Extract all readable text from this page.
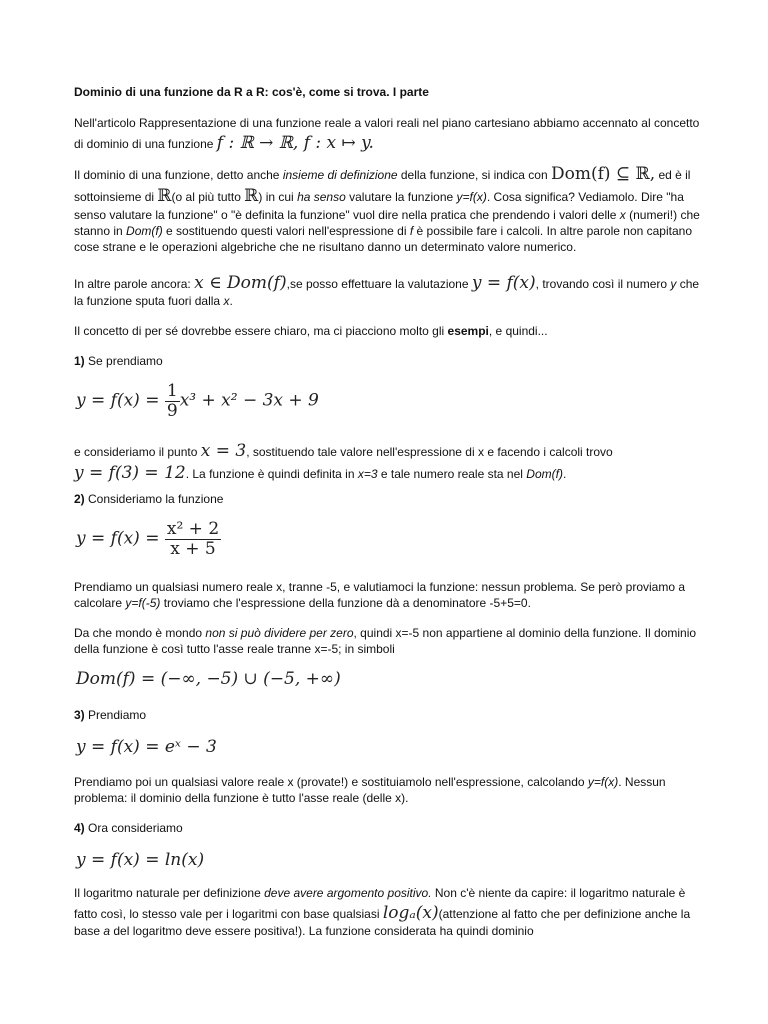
Dominio di una funzione da R a R: cos'è, come si trova. I parte

Nell'articolo Rappresentazione di una funzione reale a valori reali nel piano cartesiano abbiamo accennato al concetto di dominio di una funzione f : ℝ → ℝ, f : x ↦ y.

Il dominio di una funzione, detto anche insieme di definizione della funzione, si indica con Dom(f) ⊆ ℝ, ed è il sottoinsieme di ℝ(o al più tutto ℝ) in cui ha senso valutare la funzione y=f(x). Cosa significa? Vediamolo. Dire "ha senso valutare la funzione" o "è definita la funzione" vuol dire nella pratica che prendendo i valori delle x (numeri!) che stanno in Dom(f) e sostituendo questi valori nell'espressione di f è possibile fare i calcoli. In altre parole non capitano cose strane e le operazioni algebriche che ne risultano danno un determinato valore numerico.

In altre parole ancora: x ∈ Dom(f),se posso effettuare la valutazione y = f(x), trovando così il numero y che la funzione sputa fuori dalla x.

Il concetto di per sé dovrebbe essere chiaro, ma ci piacciono molto gli esempi, e quindi...

1) Se prendiamo

$y = f(x) = \frac{1}{9} x^3 + x^2 - 3x + 9$

e consideriamo il punto x = 3, sostituendo tale valore nell'espressione di x e facendo i calcoli trovo
y = f(3) = 12. La funzione è quindi definita in x=3 e tale numero reale sta nel Dom(f).

2) Consideriamo la funzione

$y = f(x) = \frac{\text{x² + 2}}{x + 5}$

Prendiamo un qualsiasi numero reale x, tranne -5, e valutiamoci la funzione: nessun problema. Se però proviamo a calcolare y=f(-5) troviamo che l'espressione della funzione dà a denominatore -5+5=0.

Da che mondo è mondo non si può dividere per zero, quindi x=-5 non appartiene al dominio della funzione. Il dominio della funzione è così tutto l'asse reale tranne x=-5; in simboli

Dom(f) = (−∞, −5) ∪ (−5, +∞)

3) Prendiamo

y = f(x) = eˣ − 3

Prendiamo poi un qualsiasi valore reale x (provate!) e sostituiamolo nell'espressione, calcolando y=f(x). Nessun problema: il dominio della funzione è tutto l'asse reale (delle x).

4) Ora consideriamo

y = f(x) = ln(x)

Il logaritmo naturale per definizione deve avere argomento positivo. Non c'è niente da capire: il logaritmo naturale è fatto così, lo stesso vale per i logaritmi con base qualsiasi logₐ(x)(attenzione al fatto che per definizione anche la base a del logaritmo deve essere positiva!). La funzione considerata ha quindi dominio
